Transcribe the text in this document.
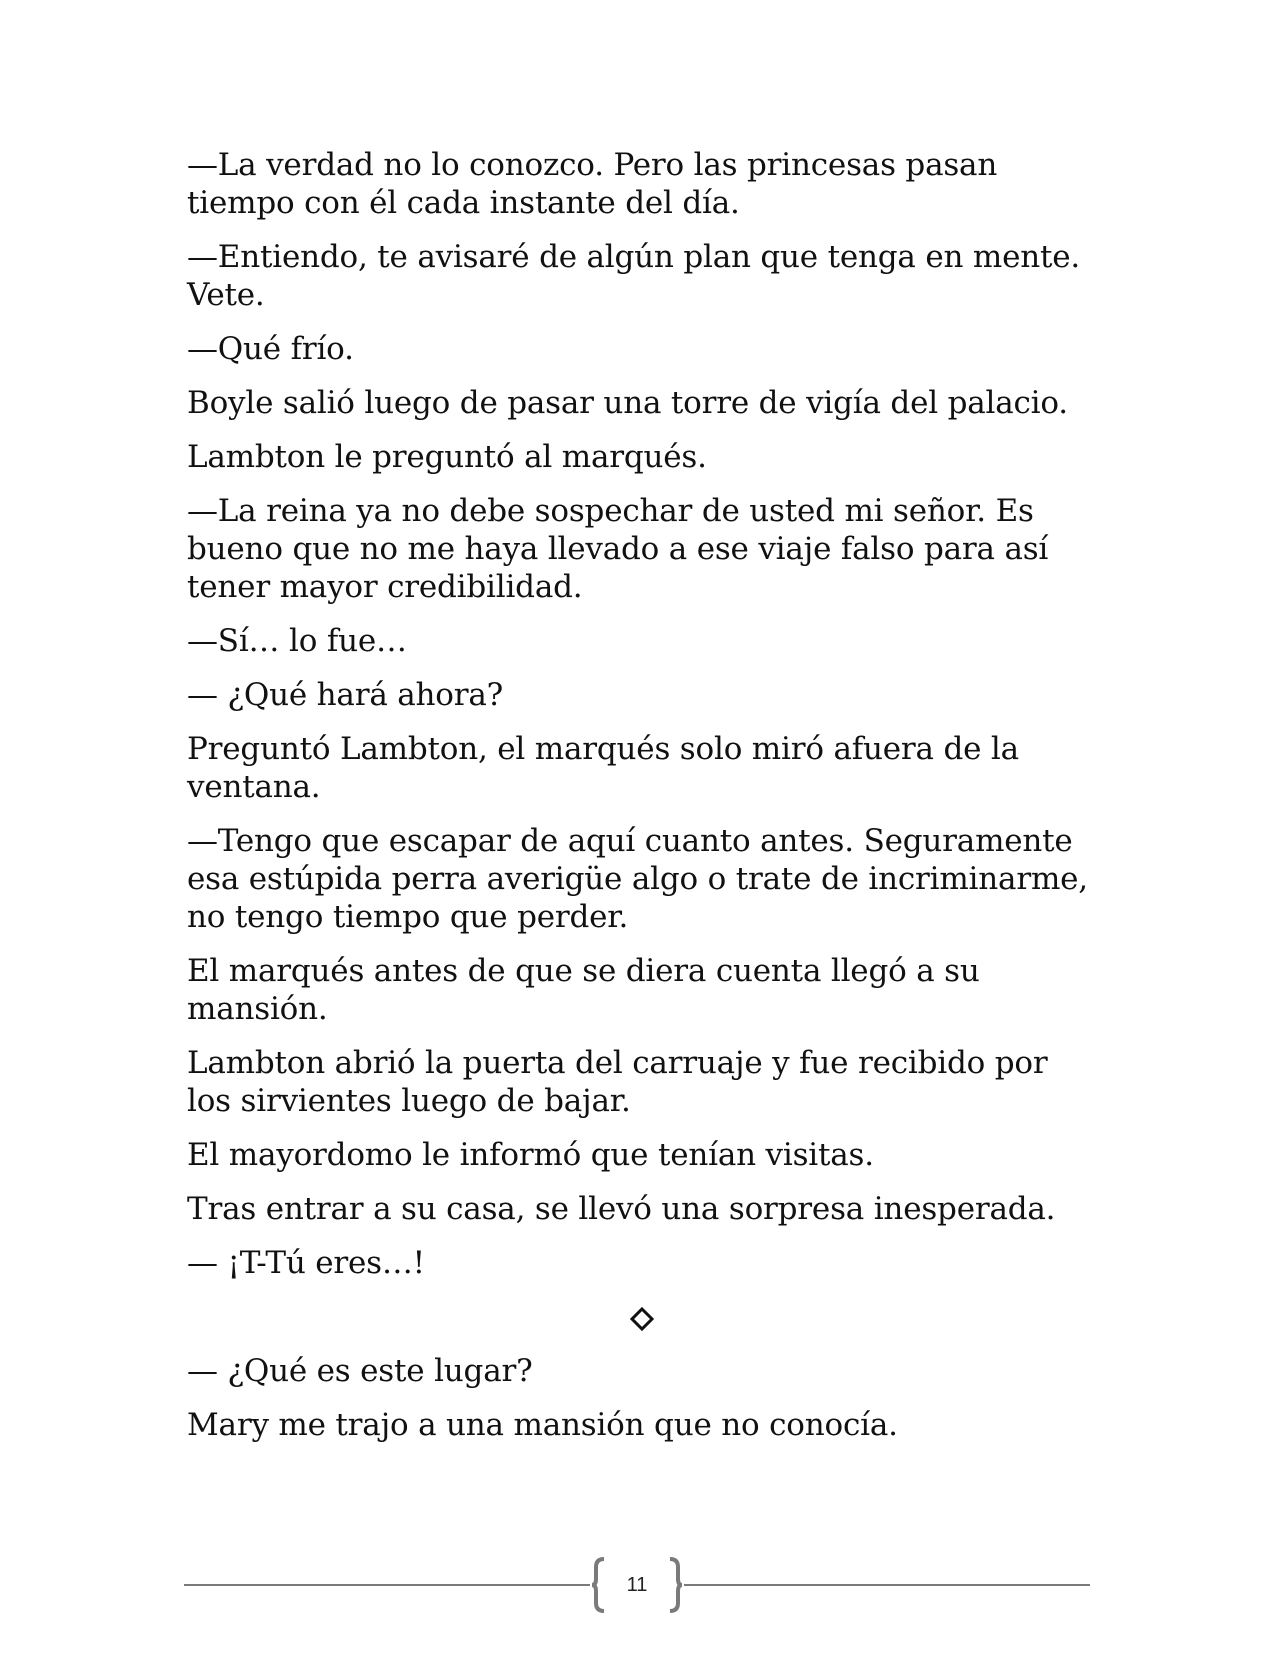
—La verdad no lo conozco. Pero las princesas pasan tiempo con él cada instante del día.

—Entiendo, te avisaré de algún plan que tenga en mente. Vete.

—Qué frío.

Boyle salió luego de pasar una torre de vigía del palacio.

Lambton le preguntó al marqués.

—La reina ya no debe sospechar de usted mi señor. Es bueno que no me haya llevado a ese viaje falso para así tener mayor credibilidad.

—Sí… lo fue…

— ¿Qué hará ahora?

Preguntó Lambton, el marqués solo miró afuera de la ventana.

—Tengo que escapar de aquí cuanto antes. Seguramente esa estúpida perra averigüe algo o trate de incriminarme, no tengo tiempo que perder.

El marqués antes de que se diera cuenta llegó a su mansión.

Lambton abrió la puerta del carruaje y fue recibido por los sirvientes luego de bajar.

El mayordomo le informó que tenían visitas.

Tras entrar a su casa, se llevó una sorpresa inesperada.

— ¡T-Tú eres…!

— ¿Qué es este lugar?

Mary me trajo a una mansión que no conocía.

11
